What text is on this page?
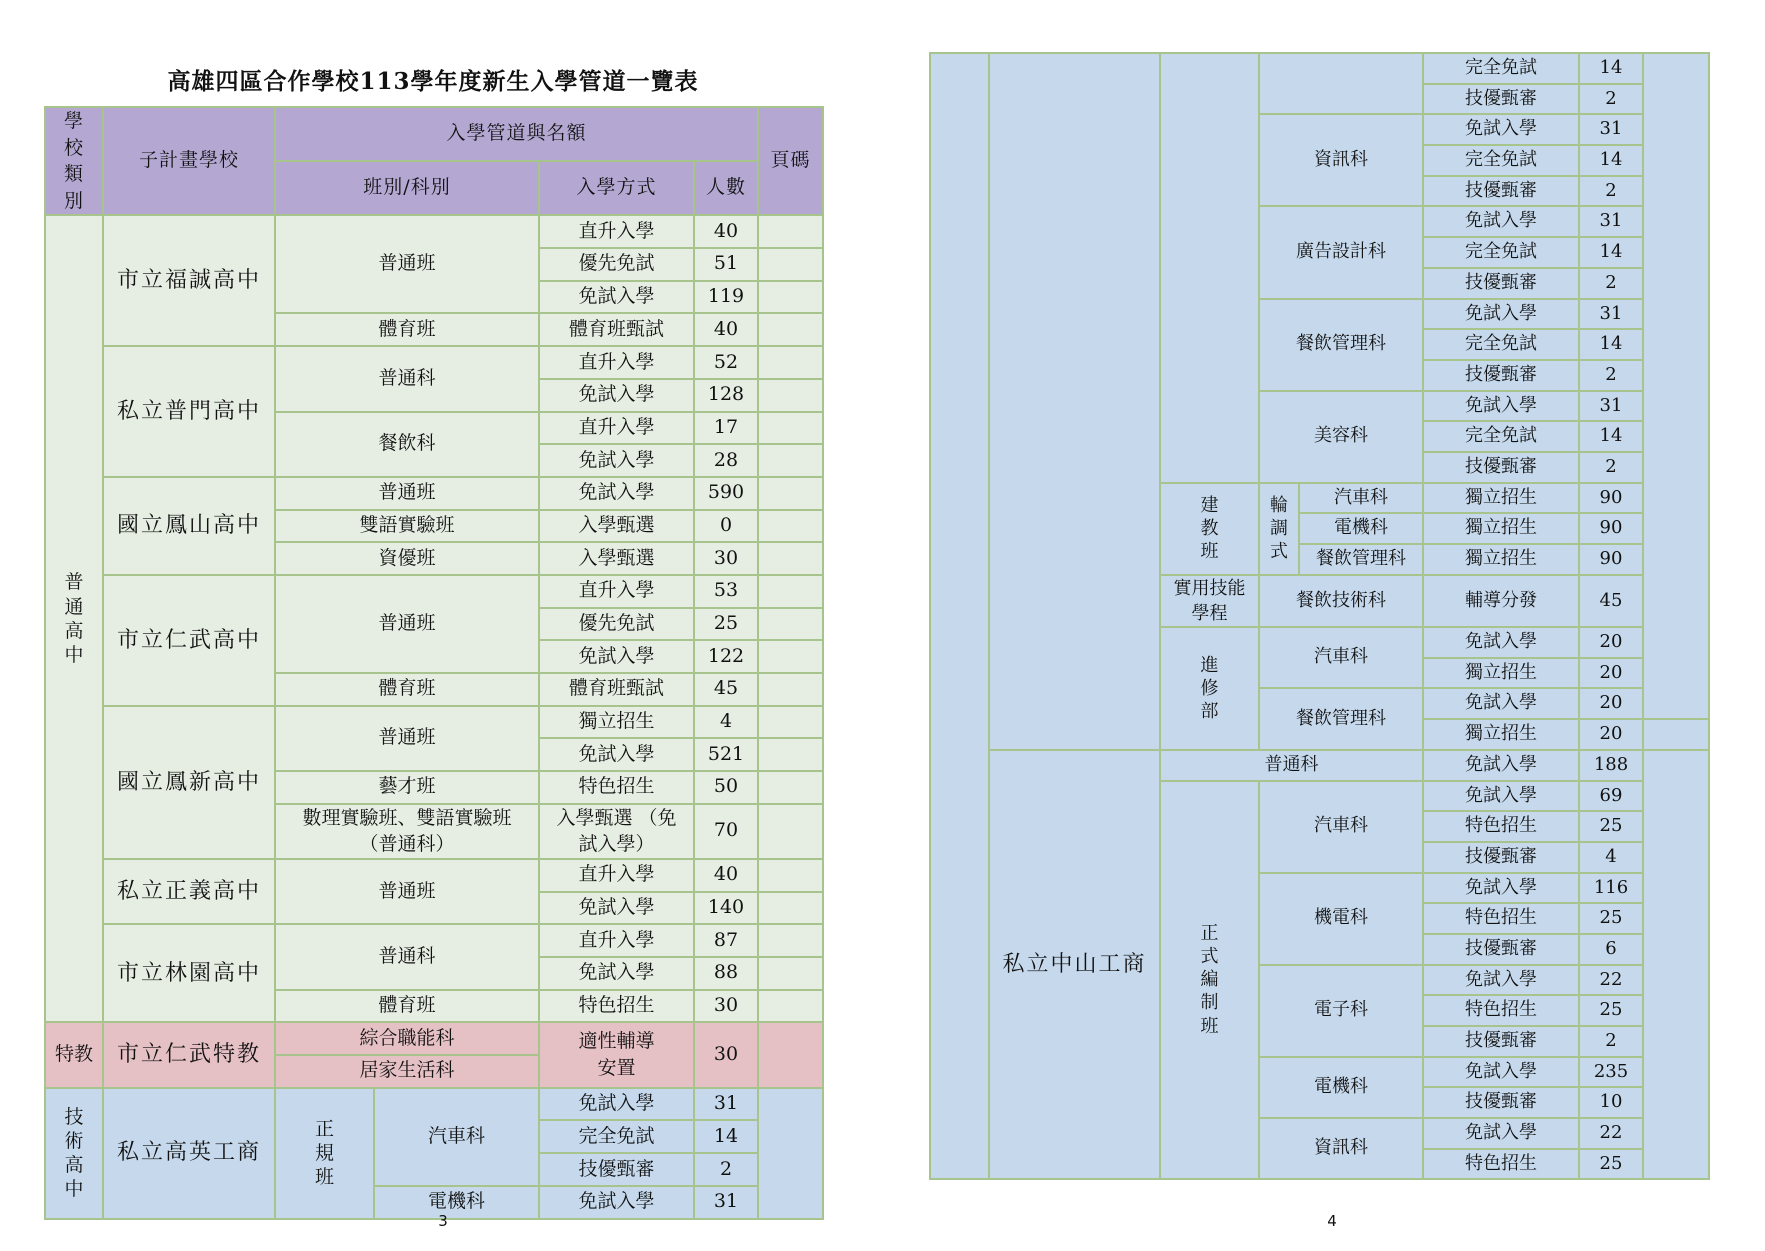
高雄四區合作學校113學年度新生入學管道一覽表
學校類別	子計畫學校	入學管道與名額				頁碼
		班別/科別		入學方式	人數	
普通高中	市立福誠高中	普通班		直升入學	40	
				優先免試	51	
				免試入學	119	
		體育班		體育班甄試	40	
	私立普門高中	普通科		直升入學	52	
				免試入學	128	
		餐飲科		直升入學	17	
				免試入學	28	
	國立鳳山高中	普通班		免試入學	590	
		雙語實驗班		入學甄選	0	
		資優班		入學甄選	30	
	市立仁武高中	普通班		直升入學	53	
				優先免試	25	
				免試入學	122	
		體育班		體育班甄試	45	
	國立鳳新高中	普通班		獨立招生	4	
				免試入學	521	
		藝才班		特色招生	50	
		數理實驗班、雙語實驗班 （普通科）		入學甄選 （免試入學）	70	
	私立正義高中	普通班		直升入學	40	
				免試入學	140	
	市立林園高中	普通科		直升入學	87	
				免試入學	88	
		體育班		特色招生	30	
特教	市立仁武特教	綜合職能科		適性輔導 安置	30	
		居家生活科				
技術高中	私立高英工商	正規班	汽車科	免試入學	31	
				完全免試	14	
				技優甄審	2	
			電機科	免試入學	31	
3
					完全免試	14	
					技優甄審	2	
			資訊科		免試入學	31	
					完全免試	14	
					技優甄審	2	
			廣告設計科		免試入學	31	
					完全免試	14	
					技優甄審	2	
			餐飲管理科		免試入學	31	
					完全免試	14	
					技優甄審	2	
			美容科		免試入學	31	
					完全免試	14	
					技優甄審	2	
		建教班	輪調式	汽車科	獨立招生	90	
				電機科	獨立招生	90	
				餐飲管理科	獨立招生	90	
		實用技能學程	餐飲技術科		輔導分發	45	
		進修部	汽車科		免試入學	20	
					獨立招生	20	
			餐飲管理科		免試入學	20	
					獨立招生	20	
	私立中山工商	普通科			免試入學	188	
		正式編制班	汽車科		免試入學	69	
					特色招生	25	
					技優甄審	4	
			機電科		免試入學	116	
					特色招生	25	
					技優甄審	6	
			電子科		免試入學	22	
					特色招生	25	
					技優甄審	2	
			電機科		免試入學	235	
					技優甄審	10	
			資訊科		免試入學	22	
					特色招生	25	
4
